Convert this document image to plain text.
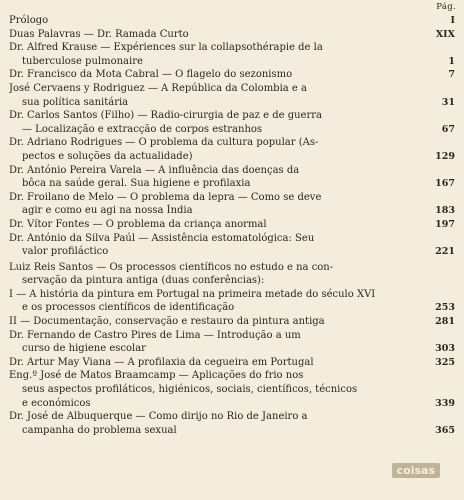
Pág.
Prólogo	I
Duas Palavras — Dr. Ramada Curto	XIX
Dr. Alfred Krause — Expériences sur la collapsothérapie de la
tuberculose pulmonaire	1
Dr. Francisco da Mota Cabral — O flagelo do sezonismo	7
José Cervaens y Rodriguez — A República da Colombia e a
sua política sanitária	31
Dr. Carlos Santos (Filho) — Radio-cirurgia de paz e de guerra
— Localização e extracção de corpos estranhos	67
Dr. Adriano Rodrigues — O problema da cultura popular (As-
pectos e soluções da actualidade)	129
Dr. António Pereira Varela — A influência das doenças da
bôca na saúde geral. Sua higiene e profilaxia	167
Dr. Froilano de Melo — O problema da lepra — Como se deve
agir e como eu agi na nossa Índia	183
Dr. Vítor Fontes — O problema da criança anormal	197
Dr. António da Silva Paúl — Assistência estomatológica: Seu
valor profiláctico	221
Luiz Reis Santos — Os processos científicos no estudo e na con-
servação da pintura antiga (duas conferências):
I — A história da pintura em Portugal na primeira metade do século XVI
e os processos científicos de identificação	253
II — Documentação, conservação e restauro da pintura antiga	281
Dr. Fernando de Castro Pires de Lima — Introdução a um
curso de higiene escolar	303
Dr. Artur May Viana — A profilaxia da cegueira em Portugal	325
Eng.º José de Matos Braamcamp — Aplicações do frio nos
seus aspectos profiláticos, higiénicos, sociais, científicos, técnicos
e económicos	339
Dr. José de Albuquerque — Como dirijo no Rio de Janeiro a
campanha do problema sexual	365
coisas
